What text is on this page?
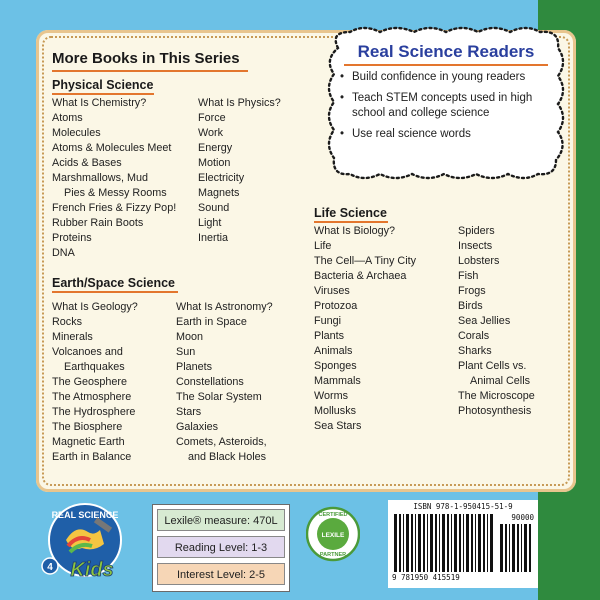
More Books in This Series
Physical Science
What Is Chemistry?
Atoms
Molecules
Atoms & Molecules Meet
Acids & Bases
Marshmallows, Mud
Pies & Messy Rooms
French Fries & Fizzy Pop!
Rubber Rain Boots
Proteins
DNA
What Is Physics?
Force
Work
Energy
Motion
Electricity
Magnets
Sound
Light
Inertia
Earth/Space Science
What Is Geology?
Rocks
Minerals
Volcanoes and
Earthquakes
The Geosphere
The Atmosphere
The Hydrosphere
The Biosphere
Magnetic Earth
Earth in Balance
What Is Astronomy?
Earth in Space
Moon
Sun
Planets
Constellations
The Solar System
Stars
Galaxies
Comets, Asteroids,
and Black Holes
Life Science
What Is Biology?
Life
The Cell—A Tiny City
Bacteria & Archaea
Viruses
Protozoa
Fungi
Plants
Animals
Sponges
Mammals
Worms
Mollusks
Sea Stars
Spiders
Insects
Lobsters
Fish
Frogs
Birds
Sea Jellies
Corals
Sharks
Plant Cells vs.
Animal Cells
The Microscope
Photosynthesis
Real Science Readers
• Build confidence in young readers
• Teach STEM concepts used in high school and college science
• Use real science words
REAL SCIENCE
4 Kids
Lexile® measure: 470L
Reading Level: 1-3
Interest Level: 2-5
CERTIFIED
LEXILE
PARTNER
ISBN 978-1-950415-51-9
9 781950 415519
90000
